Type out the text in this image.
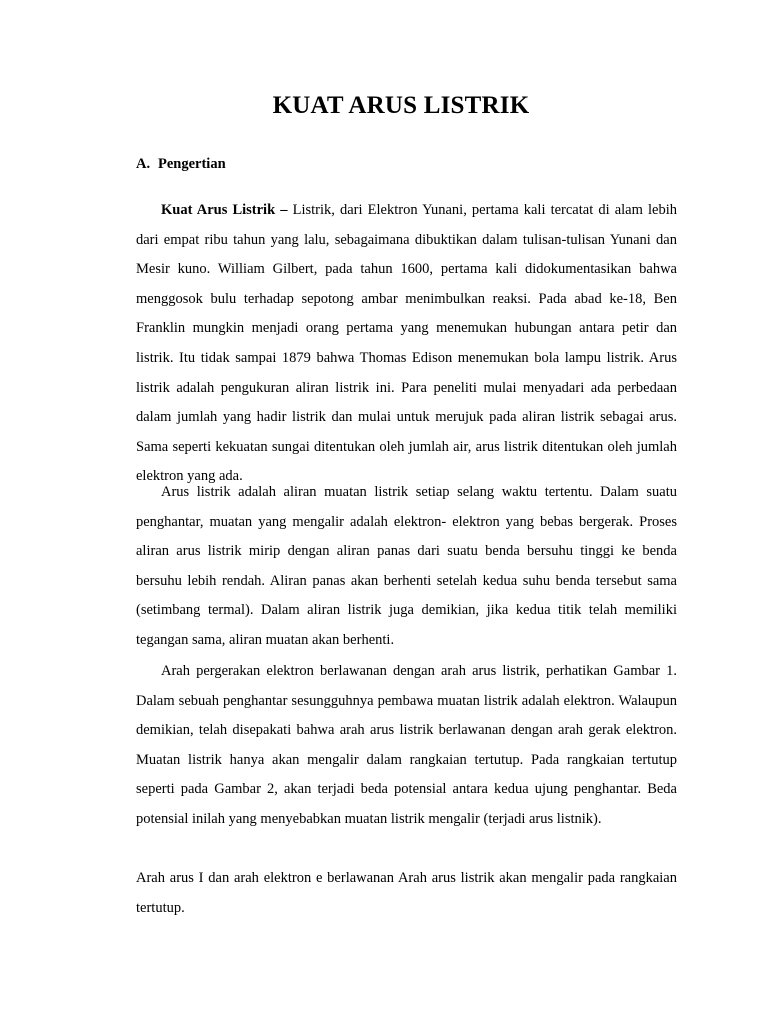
KUAT ARUS LISTRIK
A. Pengertian

Kuat Arus Listrik – Listrik, dari Elektron Yunani, pertama kali tercatat di alam lebih dari empat ribu tahun yang lalu, sebagaimana dibuktikan dalam tulisan-tulisan Yunani dan Mesir kuno. William Gilbert, pada tahun 1600, pertama kali didokumentasikan bahwa menggosok bulu terhadap sepotong ambar menimbulkan reaksi. Pada abad ke-18, Ben Franklin mungkin menjadi orang pertama yang menemukan hubungan antara petir dan listrik. Itu tidak sampai 1879 bahwa Thomas Edison menemukan bola lampu listrik. Arus listrik adalah pengukuran aliran listrik ini. Para peneliti mulai menyadari ada perbedaan dalam jumlah yang hadir listrik dan mulai untuk merujuk pada aliran listrik sebagai arus. Sama seperti kekuatan sungai ditentukan oleh jumlah air, arus listrik ditentukan oleh jumlah elektron yang ada.

Arus listrik adalah aliran muatan listrik setiap selang waktu tertentu. Dalam suatu penghantar, muatan yang mengalir adalah elektron- elektron yang bebas bergerak. Proses aliran arus listrik mirip dengan aliran panas dari suatu benda bersuhu tinggi ke benda bersuhu lebih rendah. Aliran panas akan berhenti setelah kedua suhu benda tersebut sama (setimbang termal). Dalam aliran listrik juga demikian, jika kedua titik telah memiliki tegangan sama, aliran muatan akan berhenti.

Arah pergerakan elektron berlawanan dengan arah arus listrik, perhatikan Gambar 1. Dalam sebuah penghantar sesungguhnya pembawa muatan listrik adalah elektron. Walaupun demikian, telah disepakati bahwa arah arus listrik berlawanan dengan arah gerak elektron. Muatan listrik hanya akan mengalir dalam rangkaian tertutup. Pada rangkaian tertutup seperti pada Gambar 2, akan terjadi beda potensial antara kedua ujung penghantar. Beda potensial inilah yang menyebabkan muatan listrik mengalir (terjadi arus listnik).

Arah arus I dan arah elektron e berlawanan Arah arus listrik akan mengalir pada rangkaian tertutup.
